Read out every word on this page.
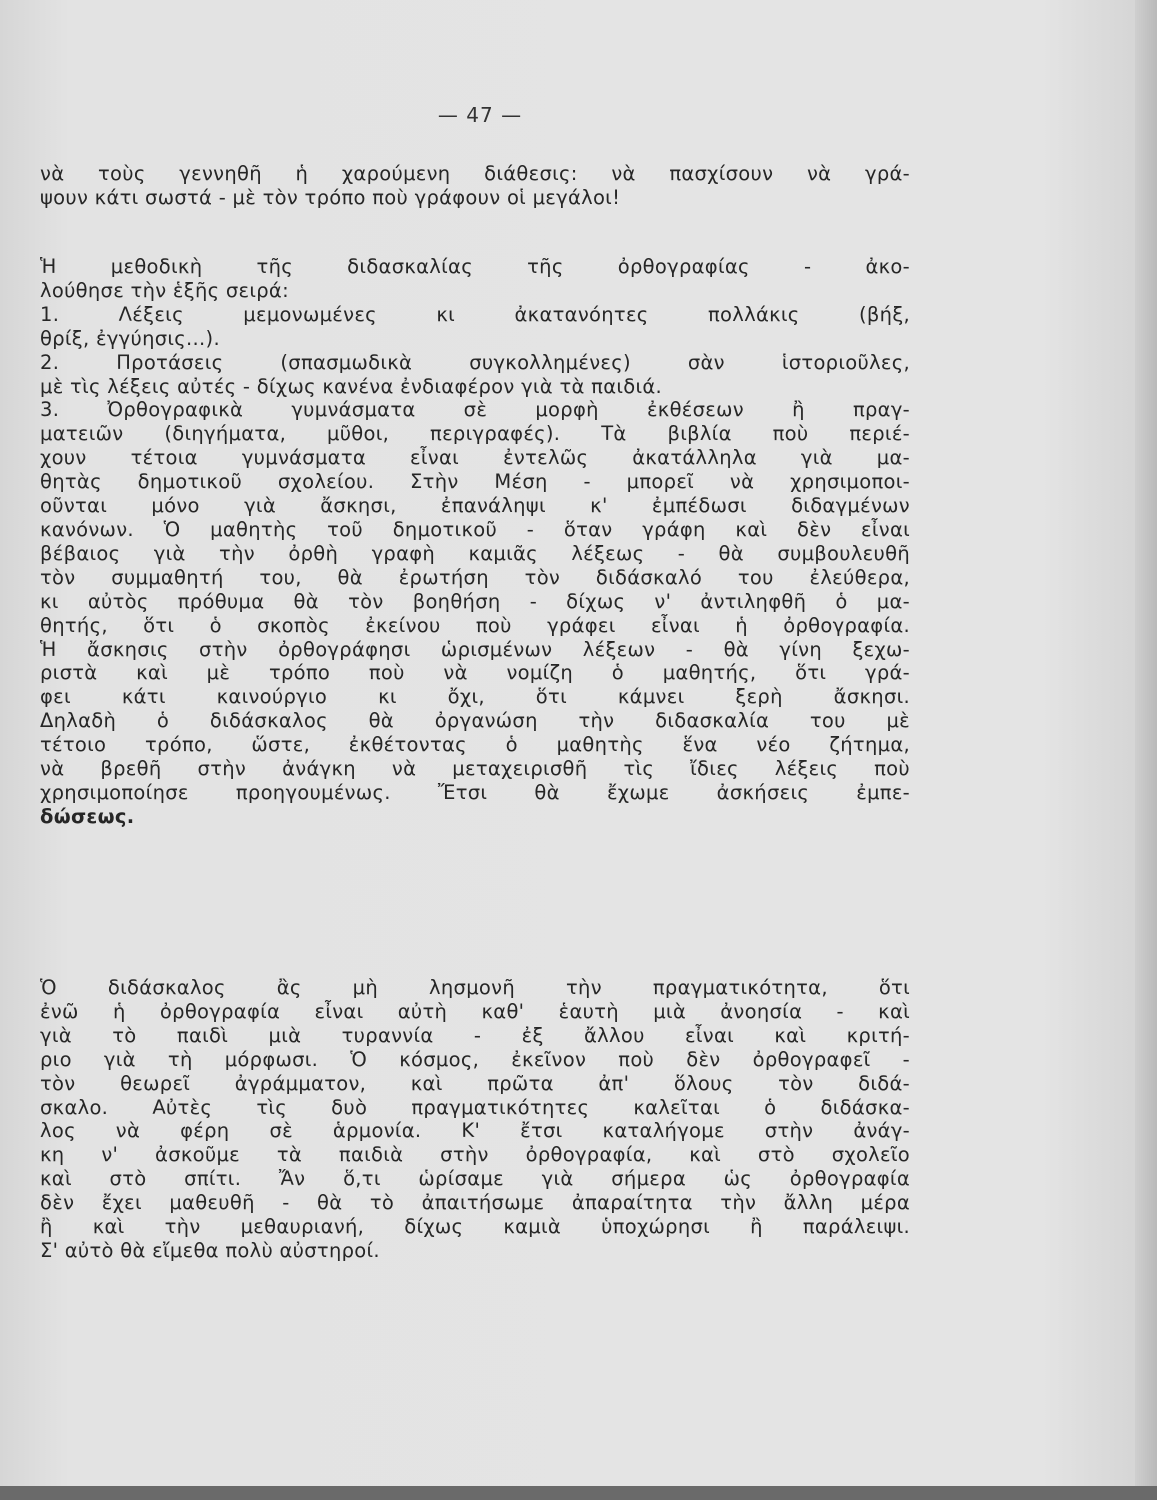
— 47 —
νὰ τοὺς γεννηθῆ ἡ χαρούμενη διάθεσις: νὰ πασχίσουν νὰ γρά-
ψουν κάτι σωστά - μὲ τὸν τρόπο ποὺ γράφουν οἱ μεγάλοι!
Ἡ μεθοδικὴ τῆς διδασκαλίας τῆς ὀρθογραφίας - ἀκο-
λούθησε τὴν ἑξῆς σειρά:
1. Λέξεις μεμονωμένες κι ἀκατανόητες πολλάκις (βήξ,
θρίξ, ἐγγύησις...).
2. Προτάσεις (σπασμωδικὰ συγκολλημένες) σὰν ἱστοριοῦλες,
μὲ τὶς λέξεις αὐτές - δίχως κανένα ἐνδιαφέρον γιὰ τὰ παιδιά.
3. Ὀρθογραφικὰ γυμνάσματα σὲ μορφὴ ἐκθέσεων ἢ πραγ-
ματειῶν (διηγήματα, μῦθοι, περιγραφές). Τὰ βιβλία ποὺ περιέ-
χουν τέτοια γυμνάσματα εἶναι ἐντελῶς ἀκατάλληλα γιὰ μα-
θητὰς δημοτικοῦ σχολείου. Στὴν Μέση - μπορεῖ νὰ χρησιμοποι-
οῦνται μόνο γιὰ ἄσκησι, ἐπανάληψι κ' ἐμπέδωσι διδαγμένων
κανόνων. Ὁ μαθητὴς τοῦ δημοτικοῦ - ὅταν γράφη καὶ δὲν εἶναι
βέβαιος γιὰ τὴν ὀρθὴ γραφὴ καμιᾶς λέξεως - θὰ συμβουλευθῆ
τὸν συμμαθητή του, θὰ ἐρωτήση τὸν διδάσκαλό του ἐλεύθερα,
κι αὐτὸς πρόθυμα θὰ τὸν βοηθήση - δίχως ν' ἀντιληφθῆ ὁ μα-
θητής, ὅτι ὁ σκοπὸς ἐκείνου ποὺ γράφει εἶναι ἡ ὀρθογραφία.
Ἡ ἄσκησις στὴν ὀρθογράφησι ὡρισμένων λέξεων - θὰ γίνη ξεχω-
ριστὰ καὶ μὲ τρόπο ποὺ νὰ νομίζη ὁ μαθητής, ὅτι γρά-
φει κάτι καινούργιο κι ὄχι, ὅτι κάμνει ξερὴ ἄσκησι.
Δηλαδὴ ὁ διδάσκαλος θὰ ὀργανώση τὴν διδασκαλία του μὲ
τέτοιο τρόπο, ὥστε, ἐκθέτοντας ὁ μαθητὴς ἕνα νέο ζήτημα,
νὰ βρεθῆ στὴν ἀνάγκη νὰ μεταχειρισθῆ τὶς ἴδιες λέξεις ποὺ
χρησιμοποίησε προηγουμένως. Ἔτσι θὰ ἔχωμε ἀσκήσεις ἐμπε-
δώσεως.
Ὁ διδάσκαλος ἂς μὴ λησμονῆ τὴν πραγματικότητα, ὅτι
ἐνῶ ἡ ὀρθογραφία εἶναι αὐτὴ καθ' ἑαυτὴ μιὰ ἀνοησία - καὶ
γιὰ τὸ παιδὶ μιὰ τυραννία - ἐξ ἄλλου εἶναι καὶ κριτή-
ριο γιὰ τὴ μόρφωσι. Ὁ κόσμος, ἐκεῖνον ποὺ δὲν ὀρθογραφεῖ -
τὸν θεωρεῖ ἀγράμματον, καὶ πρῶτα ἀπ' ὅλους τὸν διδά-
σκαλο. Αὐτὲς τὶς δυὸ πραγματικότητες καλεῖται ὁ διδάσκα-
λος νὰ φέρη σὲ ἁρμονία. Κ' ἔτσι καταλήγομε στὴν ἀνάγ-
κη ν' ἀσκοῦμε τὰ παιδιὰ στὴν ὀρθογραφία, καὶ στὸ σχολεῖο
καὶ στὸ σπίτι. Ἄν ὅ,τι ὡρίσαμε γιὰ σήμερα ὡς ὀρθογραφία
δὲν ἔχει μαθευθῆ - θὰ τὸ ἀπαιτήσωμε ἀπαραίτητα τὴν ἄλλη μέρα
ἢ καὶ τὴν μεθαυριανή, δίχως καμιὰ ὑποχώρησι ἢ παράλειψι.
Σ' αὐτὸ θὰ εἴμεθα πολὺ αὐστηροί.
